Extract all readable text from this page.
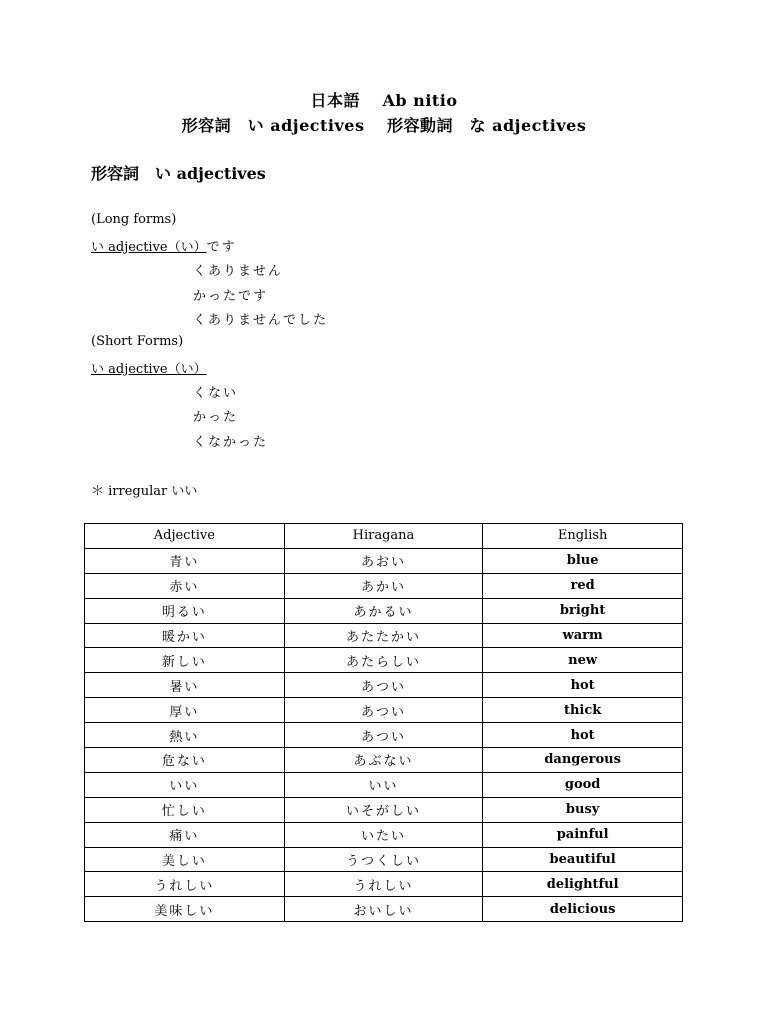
日本語　 Ab nitio
形容詞　い adjectives　 形容動詞　な adjectives
形容詞　い adjectives
(Long forms)
い adjective（い）です
くありません
かったです
くありませんでした
(Short Forms)
い adjective（い）
くない
かった
くなかった
＊ irregular いい
Adjective	Hiragana	English
青い	あおい	blue
赤い	あかい	red
明るい	あかるい	bright
暖かい	あたたかい	warm
新しい	あたらしい	new
暑い	あつい	hot
厚い	あつい	thick
熱い	あつい	hot
危ない	あぶない	dangerous
いい	いい	good
忙しい	いそがしい	busy
痛い	いたい	painful
美しい	うつくしい	beautiful
うれしい	うれしい	delightful
美味しい	おいしい	delicious
